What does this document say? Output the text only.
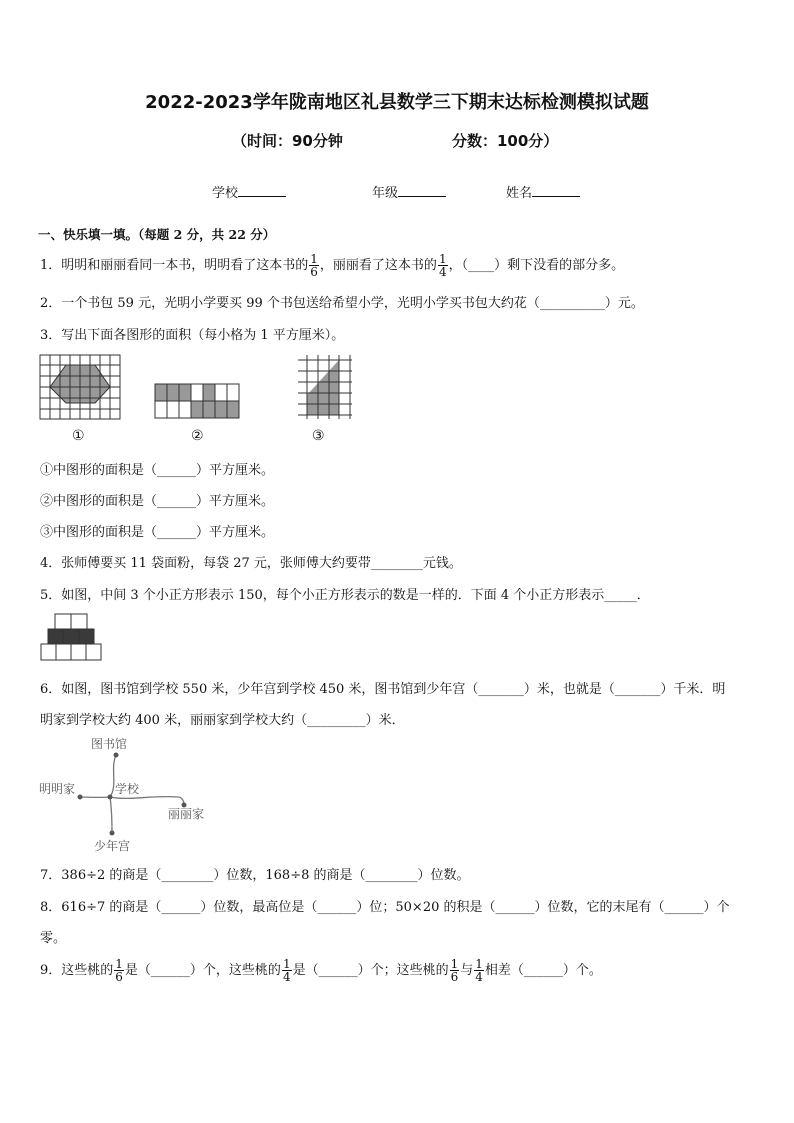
2022-2023学年陇南地区礼县数学三下期末达标检测模拟试题
（时间：90分钟	分数：100分）
学校	年级	姓名
一、快乐填一填。（每题 2 分，共 22 分）
1．明明和丽丽看同一本书，明明看了这本书的 $\frac{1}{6}$ ，丽丽看了这本书的 $\frac{1}{4}$ ，（____）剩下没看的部分多。
2．一个书包 59 元，光明小学要买 99 个书包送给希望小学，光明小学买书包大约花（__________）元。
3．写出下面各图形的面积（每小格为 1 平方厘米）。
①	②	③
①中图形的面积是（______）平方厘米。
②中图形的面积是（______）平方厘米。
③中图形的面积是（______）平方厘米。
4．张师傅要买 11 袋面粉，每袋 27 元，张师傅大约要带________元钱。
5．如图，中间 3 个小正方形表示 150，每个小正方形表示的数是一样的．下面 4 个小正方形表示_____．
6．如图，图书馆到学校 550 米，少年宫到学校 450 米，图书馆到少年宫（_______）米，也就是（_______）千米．明
明家到学校大约 400 米，丽丽家到学校大约（_________）米．
图书馆
明明家	学校
丽丽家
少年宫
7．386÷2 的商是（________）位数，168÷8 的商是（________）位数。
8．616÷7 的商是（______）位数，最高位是（______）位；50×20 的积是（______）位数，它的末尾有（______）个
零。
9．这些桃的 $\frac{1}{6}$ 是（______）个，这些桃的 $\frac{1}{4}$ 是（______）个；这些桃的 $\frac{1}{6}$ 与 $\frac{1}{4}$ 相差（______）个。
